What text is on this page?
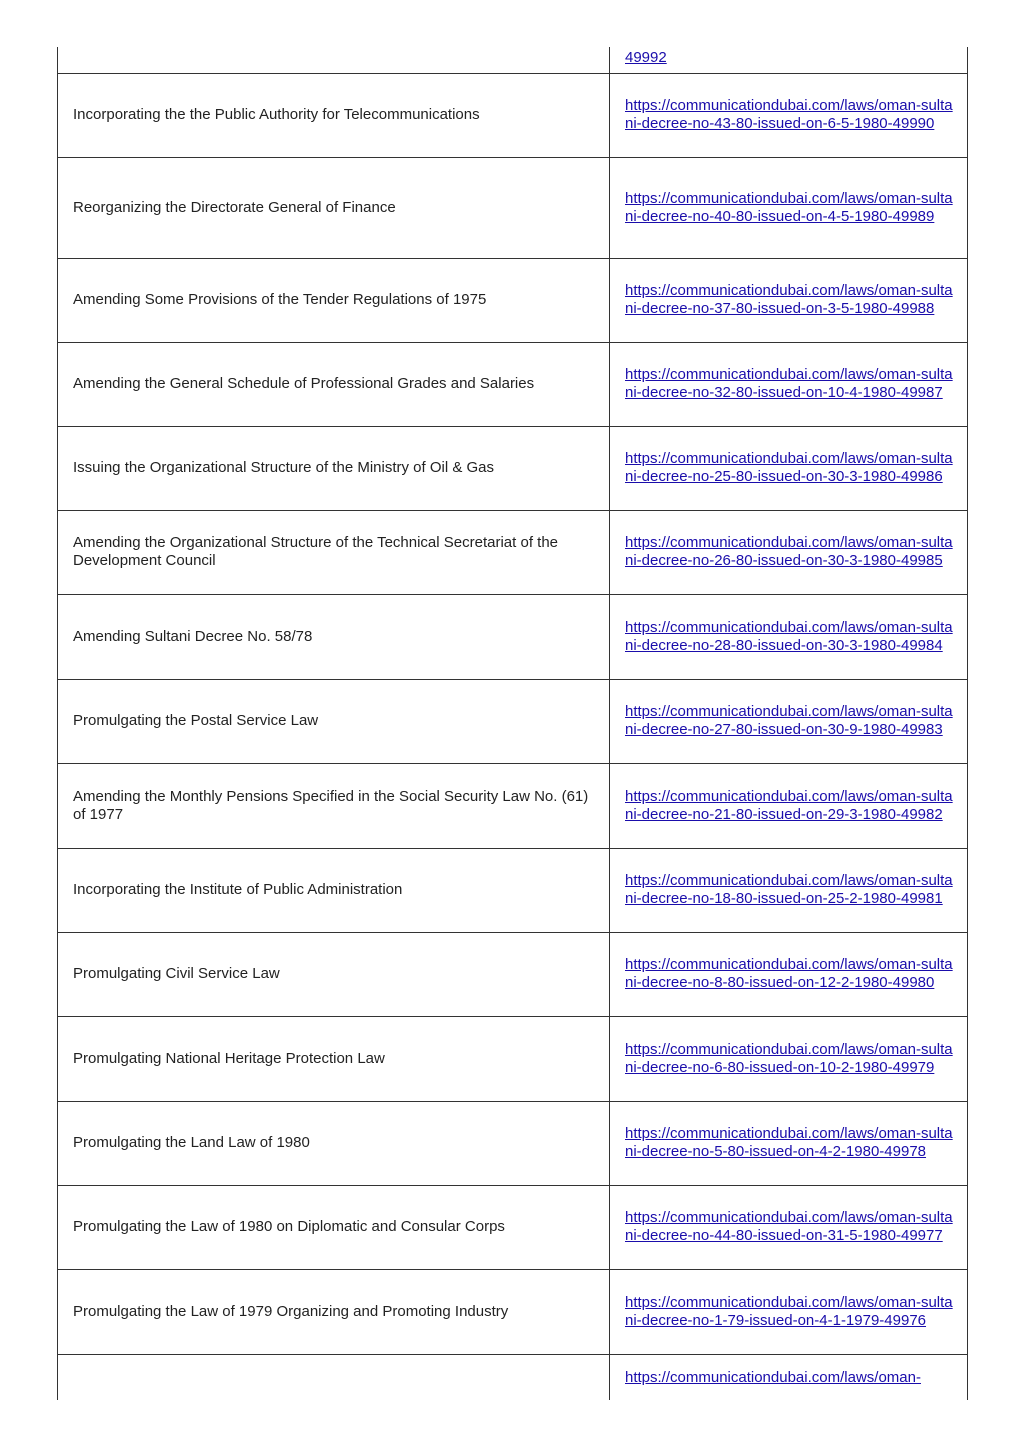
	49992
Incorporating the the Public Authority for Telecommunications	https://communicationdubai.com/laws/oman-sultani-decree-no-43-80-issued-on-6-5-1980-49990
Reorganizing the Directorate General of Finance	https://communicationdubai.com/laws/oman-sultani-decree-no-40-80-issued-on-4-5-1980-49989
Amending Some Provisions of the Tender Regulations of 1975	https://communicationdubai.com/laws/oman-sultani-decree-no-37-80-issued-on-3-5-1980-49988
Amending the General Schedule of Professional Grades and Salaries	https://communicationdubai.com/laws/oman-sultani-decree-no-32-80-issued-on-10-4-1980-49987
Issuing the Organizational Structure of the Ministry of Oil & Gas	https://communicationdubai.com/laws/oman-sultani-decree-no-25-80-issued-on-30-3-1980-49986
Amending the Organizational Structure of the Technical Secretariat of the Development Council	https://communicationdubai.com/laws/oman-sultani-decree-no-26-80-issued-on-30-3-1980-49985
Amending Sultani Decree No. 58/78	https://communicationdubai.com/laws/oman-sultani-decree-no-28-80-issued-on-30-3-1980-49984
Promulgating the Postal Service Law	https://communicationdubai.com/laws/oman-sultani-decree-no-27-80-issued-on-30-9-1980-49983
Amending the Monthly Pensions Specified in the Social Security Law No. (61) of 1977	https://communicationdubai.com/laws/oman-sultani-decree-no-21-80-issued-on-29-3-1980-49982
Incorporating the Institute of Public Administration	https://communicationdubai.com/laws/oman-sultani-decree-no-18-80-issued-on-25-2-1980-49981
Promulgating Civil Service Law	https://communicationdubai.com/laws/oman-sultani-decree-no-8-80-issued-on-12-2-1980-49980
Promulgating National Heritage Protection Law	https://communicationdubai.com/laws/oman-sultani-decree-no-6-80-issued-on-10-2-1980-49979
Promulgating the Land Law of 1980	https://communicationdubai.com/laws/oman-sultani-decree-no-5-80-issued-on-4-2-1980-49978
Promulgating the Law of 1980 on Diplomatic and Consular Corps	https://communicationdubai.com/laws/oman-sultani-decree-no-44-80-issued-on-31-5-1980-49977
Promulgating the Law of 1979 Organizing and Promoting Industry	https://communicationdubai.com/laws/oman-sultani-decree-no-1-79-issued-on-4-1-1979-49976
	https://communicationdubai.com/laws/oman-
